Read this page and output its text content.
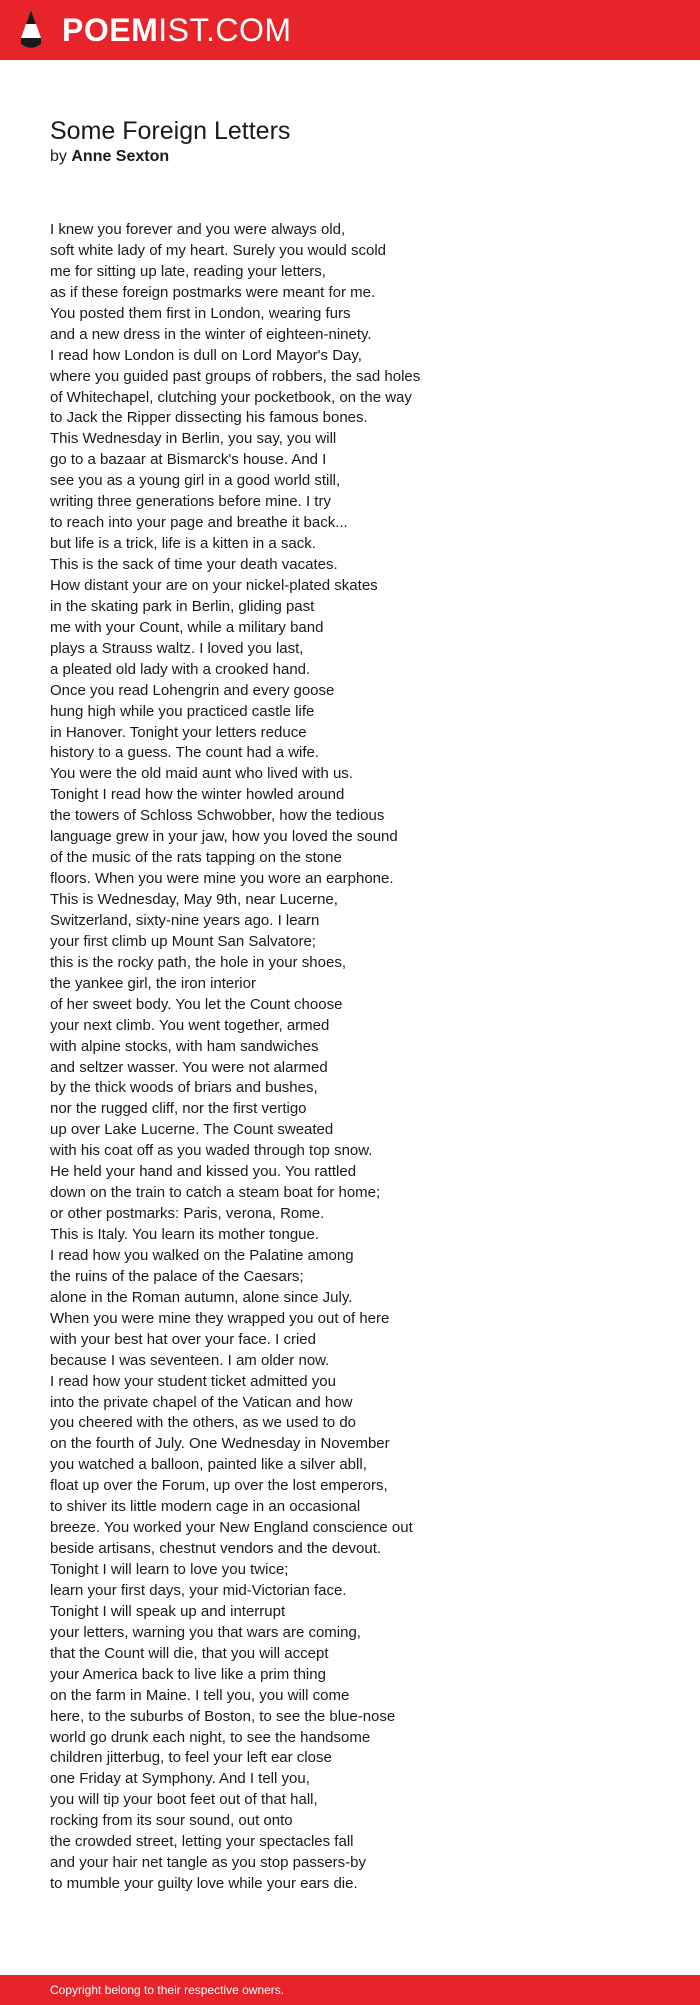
POEMIST.COM
Some Foreign Letters

by Anne Sexton

I knew you forever and you were always old,
soft white lady of my heart. Surely you would scold
me for sitting up late, reading your letters,
as if these foreign postmarks were meant for me.
You posted them first in London, wearing furs
and a new dress in the winter of eighteen-ninety.
I read how London is dull on Lord Mayor's Day,
where you guided past groups of robbers, the sad holes
of Whitechapel, clutching your pocketbook, on the way
to Jack the Ripper dissecting his famous bones.
This Wednesday in Berlin, you say, you will
go to a bazaar at Bismarck's house. And I
see you as a young girl in a good world still,
writing three generations before mine. I try
to reach into your page and breathe it back...
but life is a trick, life is a kitten in a sack.
This is the sack of time your death vacates.
How distant your are on your nickel-plated skates
in the skating park in Berlin, gliding past
me with your Count, while a military band
plays a Strauss waltz. I loved you last,
a pleated old lady with a crooked hand.
Once you read Lohengrin and every goose
hung high while you practiced castle life
in Hanover. Tonight your letters reduce
history to a guess. The count had a wife.
You were the old maid aunt who lived with us.
Tonight I read how the winter howled around
the towers of Schloss Schwobber, how the tedious
language grew in your jaw, how you loved the sound
of the music of the rats tapping on the stone
floors. When you were mine you wore an earphone.
This is Wednesday, May 9th, near Lucerne,
Switzerland, sixty-nine years ago. I learn
your first climb up Mount San Salvatore;
this is the rocky path, the hole in your shoes,
the yankee girl, the iron interior
of her sweet body. You let the Count choose
your next climb. You went together, armed
with alpine stocks, with ham sandwiches
and seltzer wasser. You were not alarmed
by the thick woods of briars and bushes,
nor the rugged cliff, nor the first vertigo
up over Lake Lucerne. The Count sweated
with his coat off as you waded through top snow.
He held your hand and kissed you. You rattled
down on the train to catch a steam boat for home;
or other postmarks: Paris, verona, Rome.
This is Italy. You learn its mother tongue.
I read how you walked on the Palatine among
the ruins of the palace of the Caesars;
alone in the Roman autumn, alone since July.
When you were mine they wrapped you out of here
with your best hat over your face. I cried
because I was seventeen. I am older now.
I read how your student ticket admitted you
into the private chapel of the Vatican and how
you cheered with the others, as we used to do
on the fourth of July. One Wednesday in November
you watched a balloon, painted like a silver abll,
float up over the Forum, up over the lost emperors,
to shiver its little modern cage in an occasional
breeze. You worked your New England conscience out
beside artisans, chestnut vendors and the devout.
Tonight I will learn to love you twice;
learn your first days, your mid-Victorian face.
Tonight I will speak up and interrupt
your letters, warning you that wars are coming,
that the Count will die, that you will accept
your America back to live like a prim thing
on the farm in Maine. I tell you, you will come
here, to the suburbs of Boston, to see the blue-nose
world go drunk each night, to see the handsome
children jitterbug, to feel your left ear close
one Friday at Symphony. And I tell you,
you will tip your boot feet out of that hall,
rocking from its sour sound, out onto
the crowded street, letting your spectacles fall
and your hair net tangle as you stop passers-by
to mumble your guilty love while your ears die.
Copyright belong to their respective owners.
